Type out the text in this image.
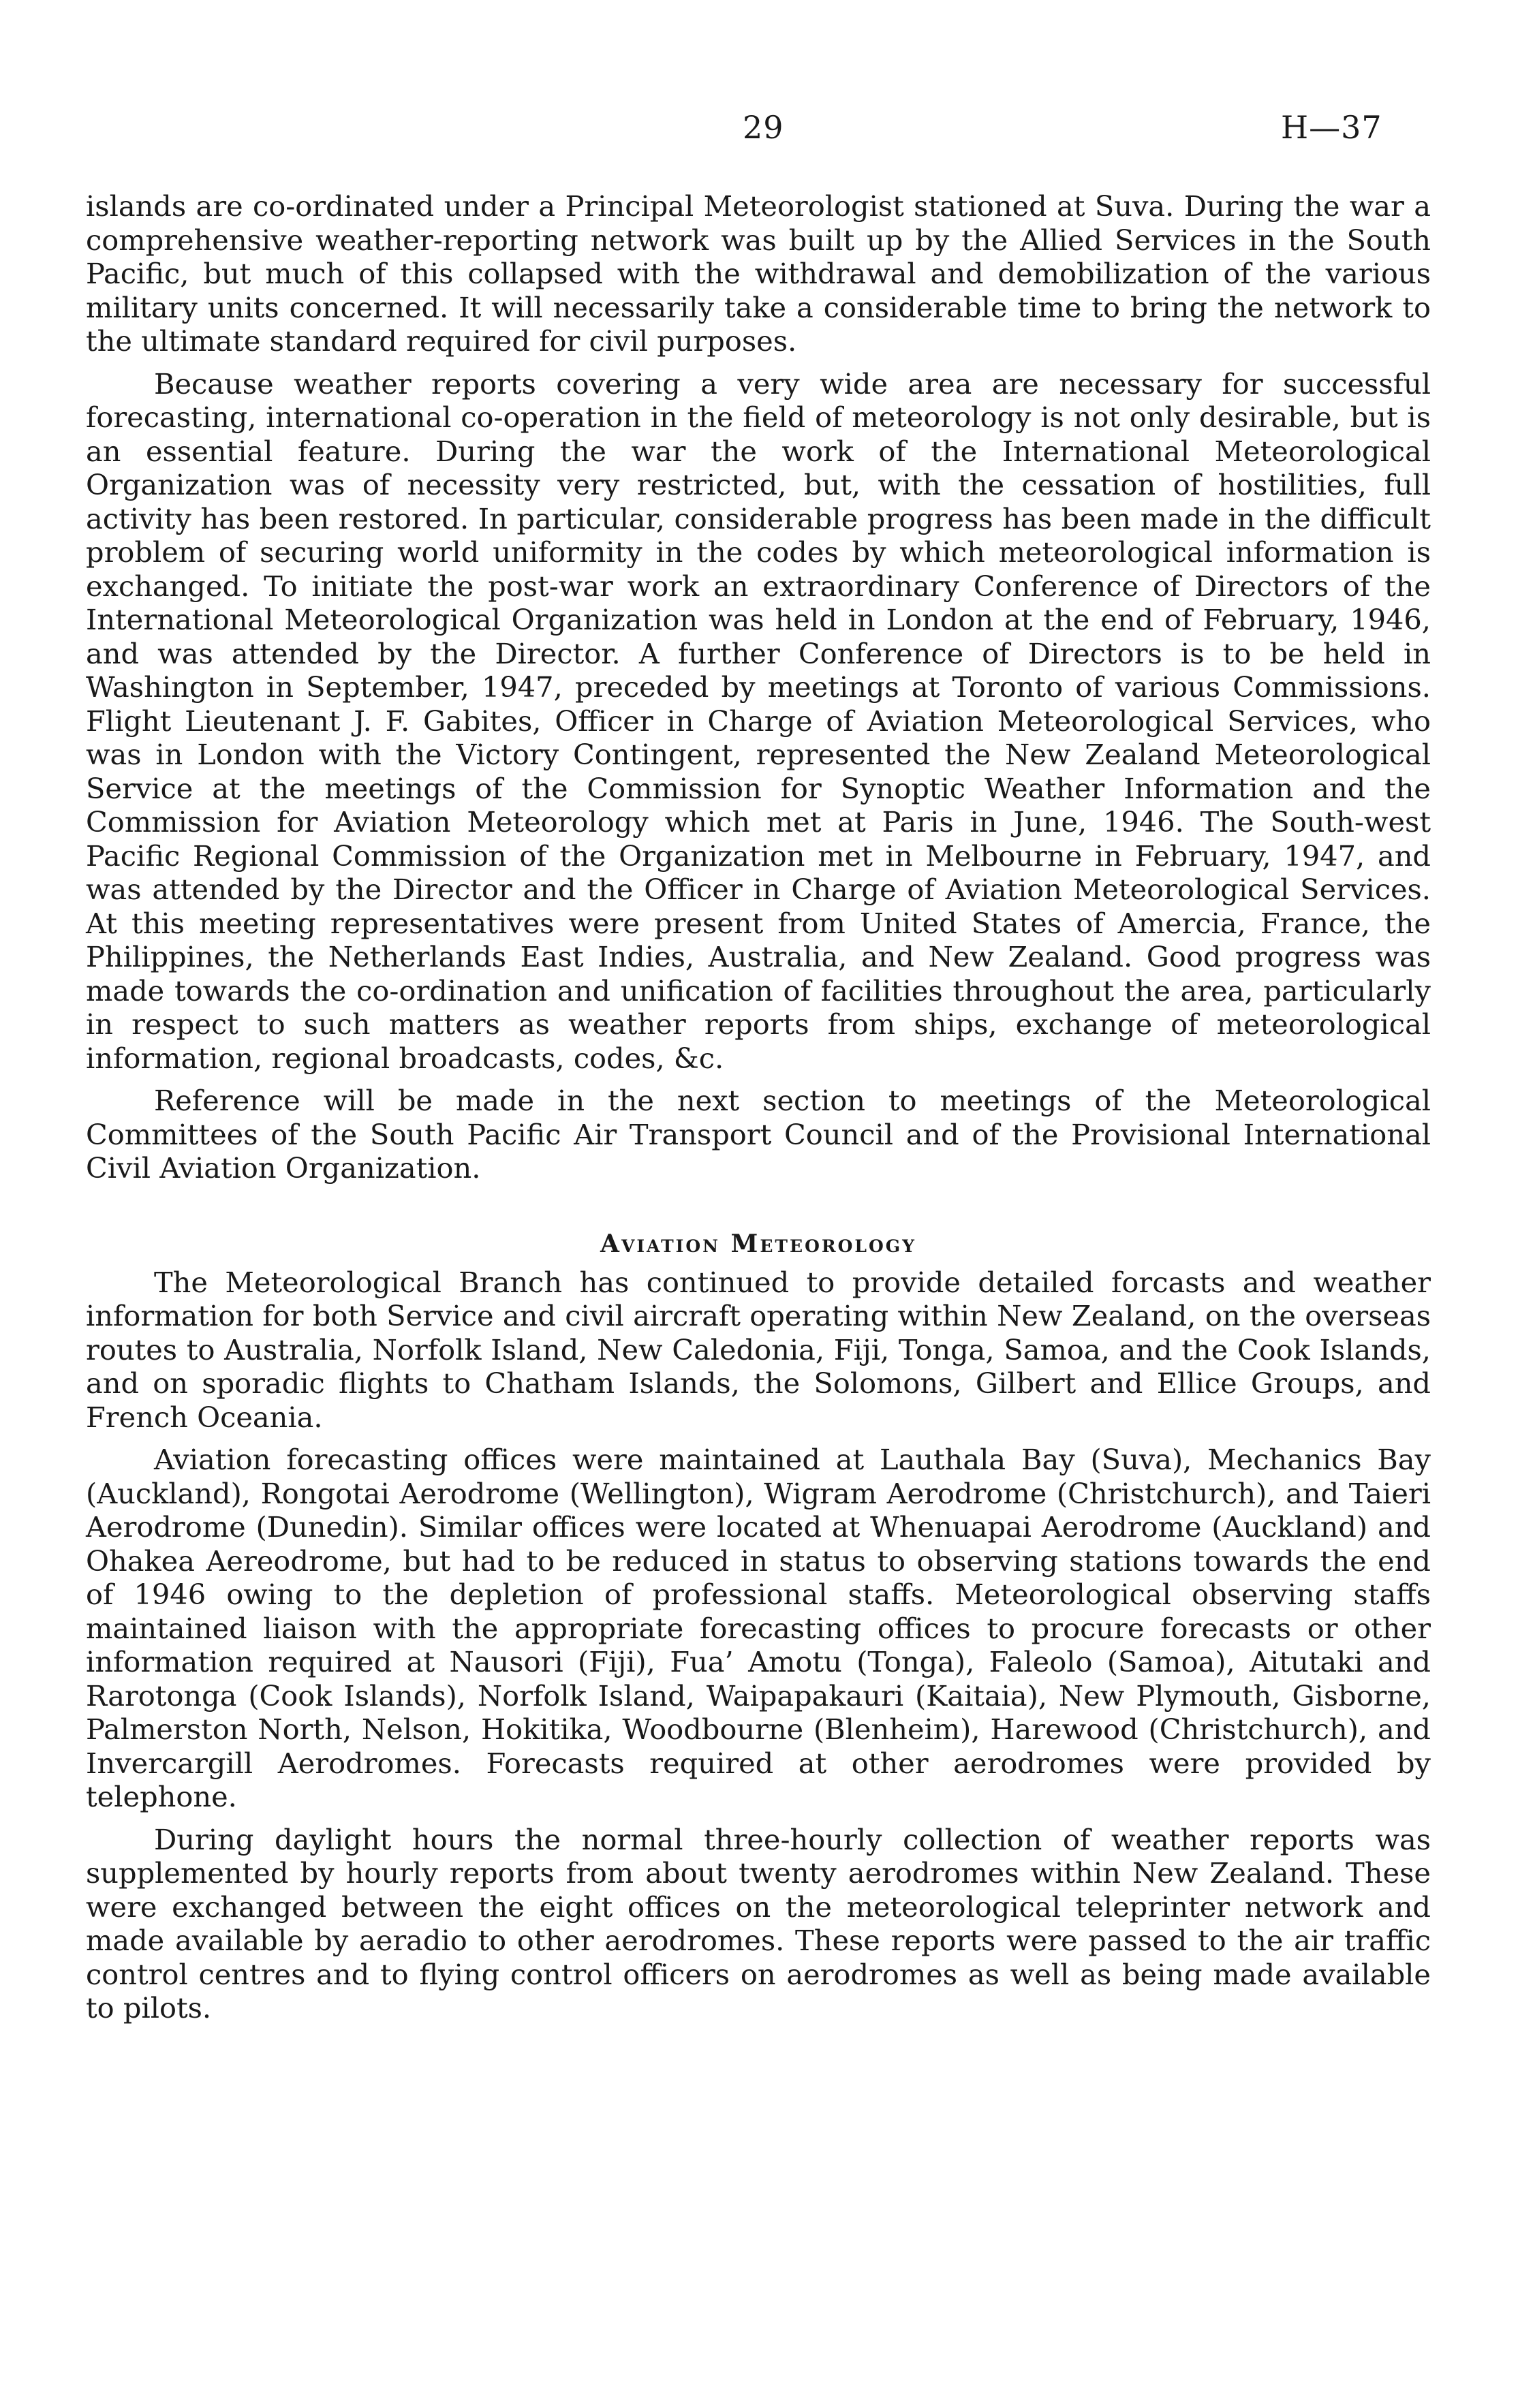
29	H—37

islands are co-ordinated under a Principal Meteorologist stationed at Suva. During the war a comprehensive weather-reporting network was built up by the Allied Services in the South Pacific, but much of this collapsed with the withdrawal and demobilization of the various military units concerned. It will necessarily take a considerable time to bring the network to the ultimate standard required for civil purposes.

Because weather reports covering a very wide area are necessary for successful forecasting, international co-operation in the field of meteorology is not only desirable, but is an essential feature. During the war the work of the International Meteorological Organization was of necessity very restricted, but, with the cessation of hostilities, full activity has been restored. In particular, considerable progress has been made in the difficult problem of securing world uniformity in the codes by which meteorological information is exchanged. To initiate the post-war work an extraordinary Conference of Directors of the International Meteorological Organization was held in London at the end of February, 1946, and was attended by the Director. A further Conference of Directors is to be held in Washington in September, 1947, preceded by meetings at Toronto of various Commissions. Flight Lieutenant J. F. Gabites, Officer in Charge of Aviation Meteorological Services, who was in London with the Victory Contingent, represented the New Zealand Meteorological Service at the meetings of the Commission for Synoptic Weather Information and the Commission for Aviation Meteorology which met at Paris in June, 1946. The South-west Pacific Regional Commission of the Organization met in Melbourne in February, 1947, and was attended by the Director and the Officer in Charge of Aviation Meteorological Services. At this meeting representatives were present from United States of Amercia, France, the Philippines, the Netherlands East Indies, Australia, and New Zealand. Good progress was made towards the co-ordination and unification of facilities throughout the area, particularly in respect to such matters as weather reports from ships, exchange of meteorological information, regional broadcasts, codes, &c.

Reference will be made in the next section to meetings of the Meteorological Committees of the South Pacific Air Transport Council and of the Provisional International Civil Aviation Organization.

Aviation Meteorology

The Meteorological Branch has continued to provide detailed forcasts and weather information for both Service and civil aircraft operating within New Zealand, on the overseas routes to Australia, Norfolk Island, New Caledonia, Fiji, Tonga, Samoa, and the Cook Islands, and on sporadic flights to Chatham Islands, the Solomons, Gilbert and Ellice Groups, and French Oceania.

Aviation forecasting offices were maintained at Lauthala Bay (Suva), Mechanics Bay (Auckland), Rongotai Aerodrome (Wellington), Wigram Aerodrome (Christchurch), and Taieri Aerodrome (Dunedin). Similar offices were located at Whenuapai Aerodrome (Auckland) and Ohakea Aereodrome, but had to be reduced in status to observing stations towards the end of 1946 owing to the depletion of professional staffs. Meteorological observing staffs maintained liaison with the appropriate forecasting offices to procure forecasts or other information required at Nausori (Fiji), Fua’ Amotu (Tonga), Faleolo (Samoa), Aitutaki and Rarotonga (Cook Islands), Norfolk Island, Waipapakauri (Kaitaia), New Plymouth, Gisborne, Palmerston North, Nelson, Hokitika, Woodbourne (Blenheim), Harewood (Christchurch), and Invercargill Aerodromes. Forecasts required at other aerodromes were provided by telephone.

During daylight hours the normal three-hourly collection of weather reports was supplemented by hourly reports from about twenty aerodromes within New Zealand. These were exchanged between the eight offices on the meteorological teleprinter network and made available by aeradio to other aerodromes. These reports were passed to the air traffic control centres and to flying control officers on aerodromes as well as being made available to pilots.
